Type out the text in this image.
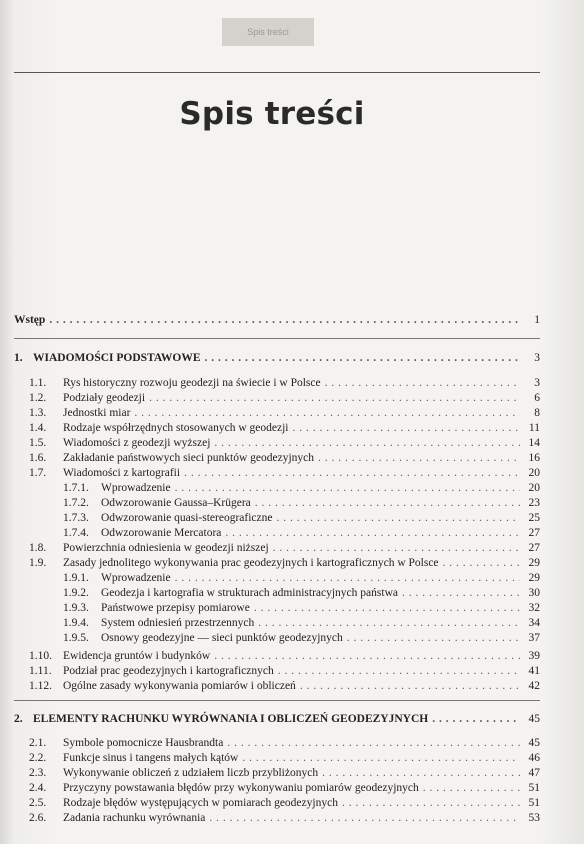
Spis treści
Spis treści
Wstęp . . .	1
1. WIADOMOŚCI PODSTAWOWE . . .	3
1.1.	Rys historyczny rozwoju geodezji na świecie i w Polsce . . .	3
1.2.	Podziały geodezji . . .	6
1.3.	Jednostki miar . . .	8
1.4.	Rodzaje współrzędnych stosowanych w geodezji . . .	11
1.5.	Wiadomości z geodezji wyższej . . .	14
1.6.	Zakładanie państwowych sieci punktów geodezyjnych . . .	16
1.7.	Wiadomości z kartografii . . .	20
1.7.1.	Wprowadzenie . . .	20
1.7.2.	Odwzorowanie Gaussa–Krügera . . .	23
1.7.3.	Odwzorowanie quasi-stereograficzne . . .	25
1.7.4.	Odwzorowanie Mercatora . . .	27
1.8.	Powierzchnia odniesienia w geodezji niższej . . .	27
1.9.	Zasady jednolitego wykonywania prac geodezyjnych i kartograficznych w Polsce . . .	29
1.9.1.	Wprowadzenie . . .	29
1.9.2.	Geodezja i kartografia w strukturach administracyjnych państwa . . .	30
1.9.3.	Państwowe przepisy pomiarowe . . .	32
1.9.4.	System odniesień przestrzennych . . .	34
1.9.5.	Osnowy geodezyjne — sieci punktów geodezyjnych . . .	37
1.10. Ewidencja gruntów i budynków . . .	39
1.11. Podział prac geodezyjnych i kartograficznych . . .	41
1.12. Ogólne zasady wykonywania pomiarów i obliczeń . . .	42
2. ELEMENTY RACHUNKU WYRÓWNANIA I OBLICZEŃ GEODEZYJNYCH . . .	45
2.1.	Symbole pomocnicze Hausbrandta . . .	45
2.2.	Funkcje sinus i tangens małych kątów . . .	46
2.3.	Wykonywanie obliczeń z udziałem liczb przybliżonych . . .	47
2.4.	Przyczyny powstawania błędów przy wykonywaniu pomiarów geodezyjnych . . .	51
2.5.	Rodzaje błędów występujących w pomiarach geodezyjnych . . .	51
2.6.	Zadania rachunku wyrównania . . .	53
